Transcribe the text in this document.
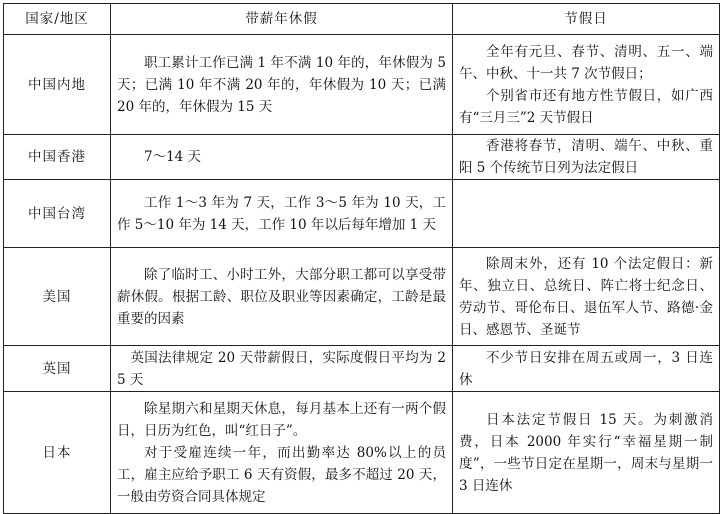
国家/地区	带薪年休假	节假日
中国内地	职工累计工作已满 1 年不满 10 年的，年休假为 5 天；已满 10 年不满 20 年的，年休假为 10 天；已满 20 年的，年休假为 15 天	全年有元旦、春节、清明、五一、端午、中秋、十一共 7 次节假日；
个别省市还有地方性节假日，如广西有“三月三”2 天节假日

中国香港	7～14 天	香港将春节，清明、端午、中秋、重阳 5 个传统节日列为法定假日

中国台湾	工作 1～3 年为 7 天，工作 3～5 年为 10 天，工作 5～10 年为 14 天，工作 10 年以后每年增加 1 天	

美国	除了临时工、小时工外，大部分职工都可以享受带薪休假。根据工龄、职位及职业等因素确定，工龄是最重要的因素	除周末外，还有 10 个法定假日：新年、独立日、总统日、阵亡将士纪念日、劳动节、哥伦布日、退伍军人节、路德·金日、感恩节、圣诞节

英国	英国法律规定 20 天带薪假日，实际度假日平均为 25 天	不少节日安排在周五或周一，3 日连休

日本	除星期六和星期天休息，每月基本上还有一两个假日，日历为红色，叫“红日子”。
对于受雇连续一年，而出勤率达 80%以上的员工，雇主应给予职工 6 天有资假，最多不超过 20 天，一般由劳资合同具体规定	日本法定节假日 15 天。为刺激消费，日本 2000 年实行“幸福星期一制度”，一些节日定在星期一，周末与星期一 3 日连休
